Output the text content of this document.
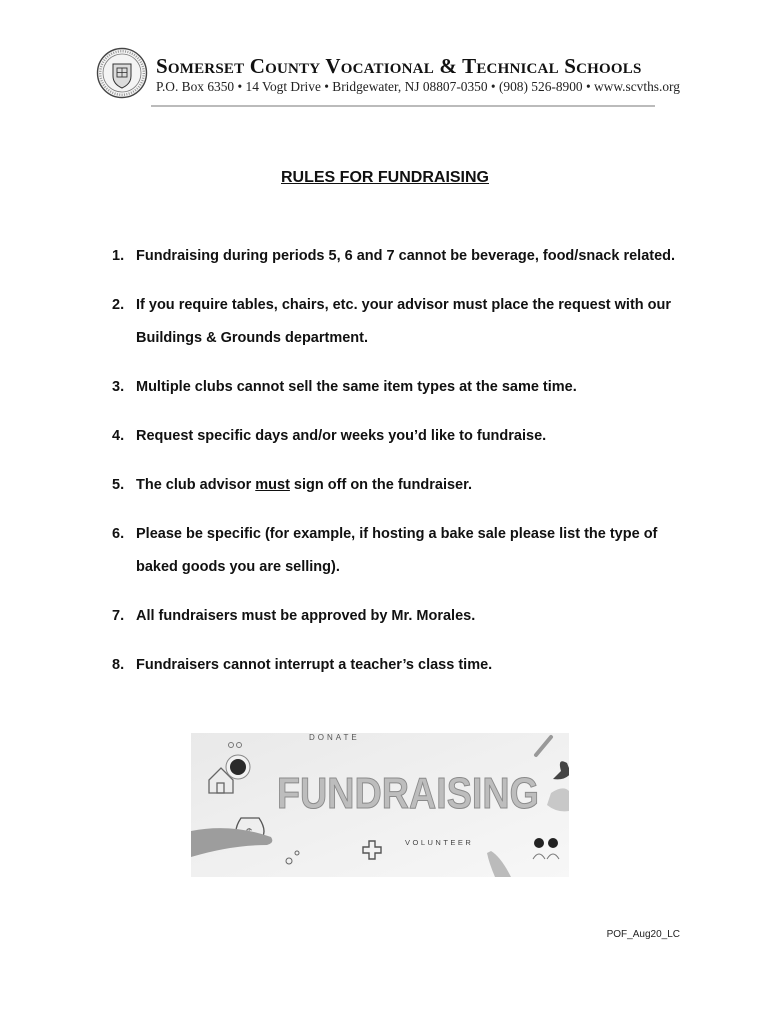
Somerset County Vocational & Technical Schools
P.O. Box 6350 • 14 Vogt Drive • Bridgewater, NJ 08807-0350 • (908) 526-8900 • www.scvths.org
RULES FOR FUNDRAISING
1. Fundraising during periods 5, 6 and 7 cannot be beverage, food/snack related.
2. If you require tables, chairs, etc. your advisor must place the request with our Buildings & Grounds department.
3. Multiple clubs cannot sell the same item types at the same time.
4. Request specific days and/or weeks you’d like to fundraise.
5. The club advisor must sign off on the fundraiser.
6. Please be specific (for example, if hosting a bake sale please list the type of baked goods you are selling).
7. All fundraisers must be approved by Mr. Morales.
8. Fundraisers cannot interrupt a teacher’s class time.
DONATE
FUNDRAISING
VOLUNTEER
POF_Aug20_LC
